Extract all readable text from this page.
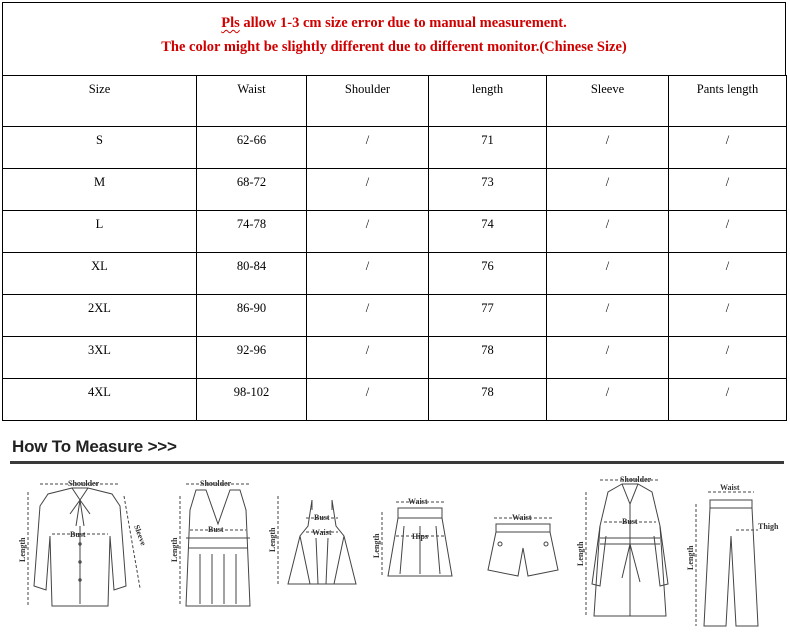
Pls allow 1-3 cm size error due to manual measurement.
The color might be slightly different due to different monitor.(Chinese Size)
Size	Waist	Shoulder	length	Sleeve	Pants length
S	62-66	/	71	/	/
M	68-72	/	73	/	/
L	74-78	/	74	/	/
XL	80-84	/	76	/	/
2XL	86-90	/	77	/	/
3XL	92-96	/	78	/	/
4XL	98-102	/	78	/	/
How To Measure >>>
Shoulder
Bust	Sleeve
Length
Shoulder
Bust
Length
Bust
Waist
Length
Waist
Hips
Length
Waist
Shoulder
Bust
Length
Waist
Thigh
Length
